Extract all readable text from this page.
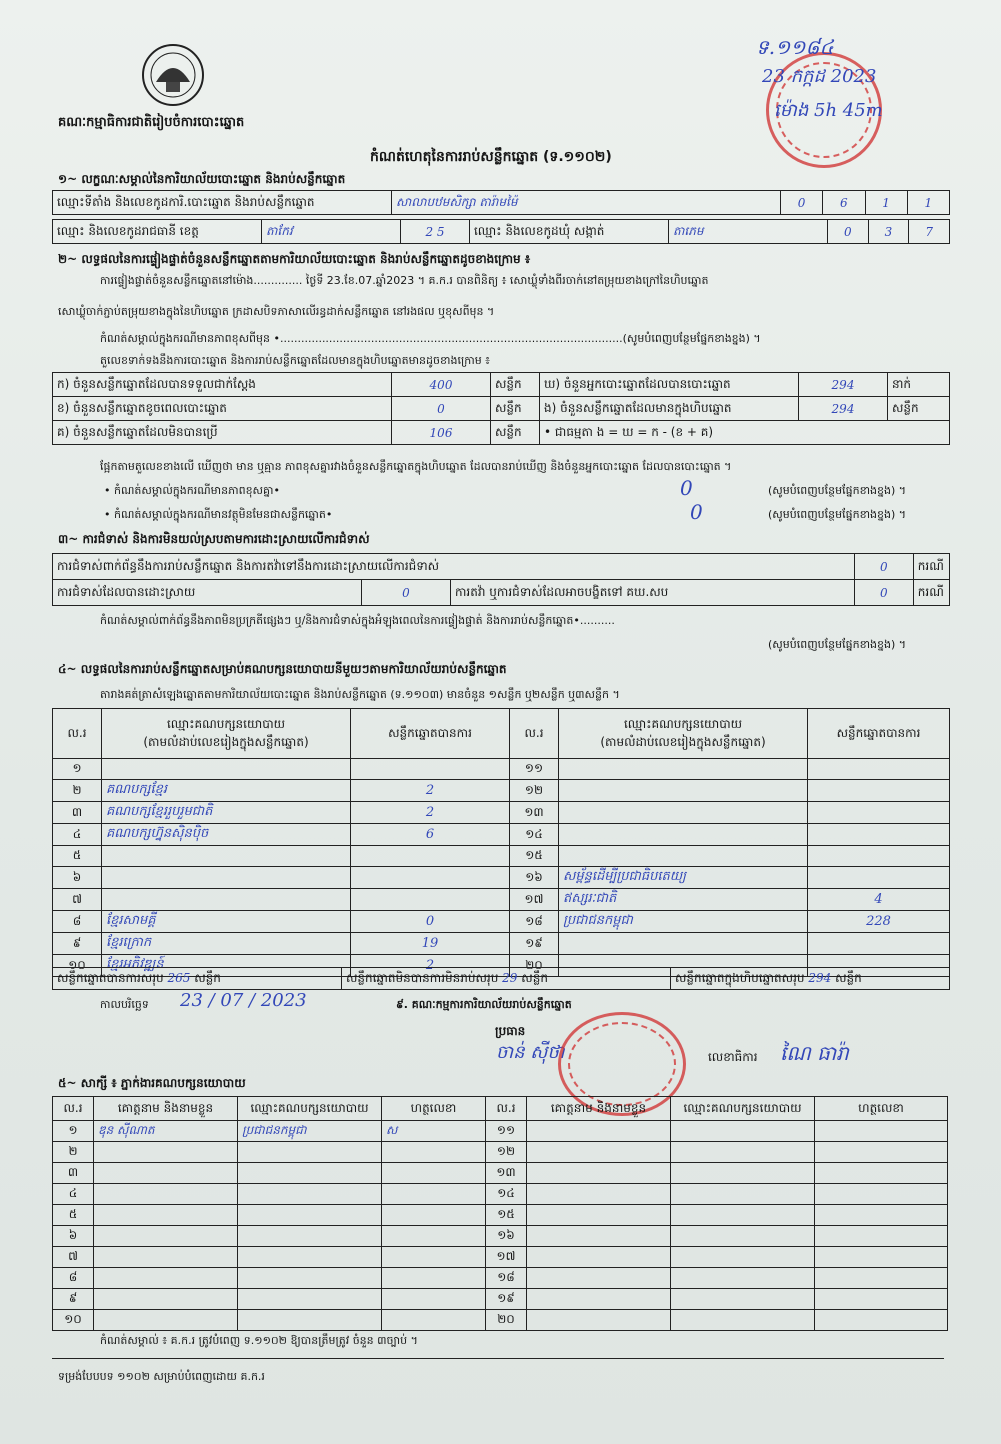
គណៈកម្មាធិការជាតិរៀបចំការបោះឆ្នោត
ទ.១១៨៤
23 កក្កដ 2023
ម៉ោង 5h 45m
កំណត់ហេតុនៃការរាប់សន្លឹកឆ្នោត (ទ.១១០២)
១~ លក្ខណៈសម្គាល់នៃការិយាល័យបោះឆ្នោត និងរាប់សន្លឹកឆ្នោត
ឈ្មោះទីតាំង និងលេខកូដការិ.បោះឆ្នោត និងរាប់សន្លឹកឆ្នោត	សាលាបឋមសិក្សា តារ៉ាមម៉ៃ	0	6	1	1
ឈ្មោះ និងលេខកូដរាជធានី ខេត្ត	តាកែវ	2 5	ឈ្មោះ និងលេខកូដឃុំ សង្កាត់	តាភេម	0	3	7
២~ លទ្ធផលនៃការផ្ទៀងផ្ទាត់ចំនួនសន្លឹកឆ្នោតតាមការិយាល័យបោះឆ្នោត និងរាប់សន្លឹកឆ្នោតដូចខាងក្រោម ៖
ការផ្ទៀងផ្ទាត់ចំនួនសន្លឹកឆ្នោតនៅម៉ោង.............. ថ្ងៃទី 23.ខែ.07.ឆ្នាំ2023 ។ គ.ក.រ បានពិនិត្យ ៖ សោឃ្លុំទាំងពីរចាក់នៅតម្រុយខាងក្រៅនៃហិបឆ្នោត
សោឃ្លុំចាក់ភ្ជាប់តម្រុយខាងក្នុងនៃហិបឆ្នោត ក្រដាសបិទភាសាលើរន្ធដាក់សន្លឹកឆ្នោត នៅរងផល ឬខុសពីមុន ។
កំណត់សម្គាល់ក្នុងករណីមានភាពខុសពីមុន •..................................................................................................(សូមបំពេញបន្ថែមផ្នែកខាងខ្នង) ។
តួលេខទាក់ទងនឹងការបោះឆ្នោត និងការរាប់សន្លឹកឆ្នោតដែលមានក្នុងហិបឆ្នោតមានដូចខាងក្រោម ៖
ក) ចំនួនសន្លឹកឆ្នោតដែលបានទទួលជាក់ស្តែង	400	សន្លឹក	ឃ) ចំនួនអ្នកបោះឆ្នោតដែលបានបោះឆ្នោត	294	នាក់
ខ) ចំនួនសន្លឹកឆ្នោតខូចពេលបោះឆ្នោត	0	សន្លឹក	ង) ចំនួនសន្លឹកឆ្នោតដែលមានក្នុងហិបឆ្នោត	294	សន្លឹក
គ) ចំនួនសន្លឹកឆ្នោតដែលមិនបានប្រើ	106	សន្លឹក	• ជាធម្មតា ង = ឃ = ក - (ខ + គ)		
ផ្អែកតាមតួលេខខាងលើ ឃើញថា មាន ឬគ្មាន ភាពខុសគ្នារវាងចំនួនសន្លឹកឆ្នោតក្នុងហិបឆ្នោត ដែលបានរាប់ឃើញ និងចំនួនអ្នកបោះឆ្នោត ដែលបានបោះឆ្នោត ។
• កំណត់សម្គាល់ក្នុងករណីមានភាពខុសគ្នា•	0	(សូមបំពេញបន្ថែមផ្នែកខាងខ្នង) ។
• កំណត់សម្គាល់ក្នុងករណីមានវត្ថុមិនមែនជាសន្លឹកឆ្នោត•	0	(សូមបំពេញបន្ថែមផ្នែកខាងខ្នង) ។
៣~ ការជំទាស់ និងការមិនយល់ស្របតាមការដោះស្រាយលើការជំទាស់
ការជំទាស់ពាក់ព័ន្ធនឹងការរាប់សន្លឹកឆ្នោត និងការតវ៉ាទៅនឹងការដោះស្រាយលើការជំទាស់			0	ករណី
ការជំទាស់ដែលបានដោះស្រាយ	0	ការតវ៉ា ឬការជំទាស់ដែលអាចបង្ខិតទៅ គឃ.សប	0	ករណី
កំណត់សម្គាល់ពាក់ព័ន្ធនឹងភាពមិនប្រក្រតីផ្សេងៗ ឬ/និងការជំទាស់ក្នុងអំឡុងពេលនៃការផ្ទៀងផ្ទាត់ និងការរាប់សន្លឹកឆ្នោត•..........
(សូមបំពេញបន្ថែមផ្នែកខាងខ្នង) ។
៤~ លទ្ធផលនៃការរាប់សន្លឹកឆ្នោតសម្រាប់គណបក្សនយោបាយនីមួយៗតាមការិយាល័យរាប់សន្លឹកឆ្នោត
តារាងគត់ត្រាសំឡេងឆ្នោតតាមការិយាល័យបោះឆ្នោត និងរាប់សន្លឹកឆ្នោត (ទ.១១០៣) មានចំនួន ១សន្លឹក ឬ២សន្លឹក ឬ៣សន្លឹក ។
ល.រ	ឈ្មោះគណបក្សនយោបាយ
(តាមលំដាប់លេខរៀងក្នុងសន្លឹកឆ្នោត)	សន្លឹកឆ្នោតបានការ	ល.រ	ឈ្មោះគណបក្សនយោបាយ
(តាមលំដាប់លេខរៀងក្នុងសន្លឹកឆ្នោត)	សន្លឹកឆ្នោតបានការ
១			១១		
២	គណបក្សខ្មែរ	2	១២		
៣	គណបក្សខ្មែររួបរួមជាតិ	2	១៣		
៤	គណបក្សហ្វ៊ុនស៊ិនប៉ិច	6	១៤		
៥			១៥		
៦			១៦	សម្ព័ន្ធដើម្បីប្រជាធិបតេយ្យ	
៧			១៧	ឥស្សរៈជាតិ	4
៨	ខ្មែរសាមគ្គី	0	១៨	ប្រជាជនកម្ពុជា	228
៩	ខ្មែរក្រោក	19	១៩		
១០	ខ្មែរអភិវឌ្ឍន៍	2	២០		
សន្លឹកឆ្នោតបានការសរុប 265 សន្លឹក	សន្លឹកឆ្នោតមិនបានការមិនរាប់សរុប 29 សន្លឹក	សន្លឹកឆ្នោតក្នុងហិបឆ្នោតសរុប 294 សន្លឹក
កាលបរិច្ឆេទ 23 / 07 / 2023	៩. គណៈកម្មការការិយាល័យរាប់សន្លឹកឆ្នោត
ប្រធាន
ចាន់ ស៊ីថា	លេខាធិការ ណៃ ធារ៉ា
៥~ សាក្សី ៖ ភ្នាក់ងារគណបក្សនយោបាយ
ល.រ	គោត្តនាម និងនាមខ្លួន	ឈ្មោះគណបក្សនយោបាយ	ហត្ថលេខា	ល.រ	គោត្តនាម និងនាមខ្លួន	ឈ្មោះគណបក្សនយោបាយ	ហត្ថលេខា
១	ឌុន ស៊ីណាត	ប្រជាជនកម្ពុជា	ស	១១			
២				១២			
៣				១៣			
៤				១៤			
៥				១៥			
៦				១៦			
៧				១៧			
៨				១៨			
៩				១៩			
១០				២០			
កំណត់សម្គាល់ ៖ គ.ក.រ ត្រូវបំពេញ ទ.១១០២ ឱ្យបានត្រឹមត្រូវ ចំនួន ៣ច្បាប់ ។
ទម្រង់បែបបទ ១១០២ សម្រាប់បំពេញដោយ គ.ក.រ
